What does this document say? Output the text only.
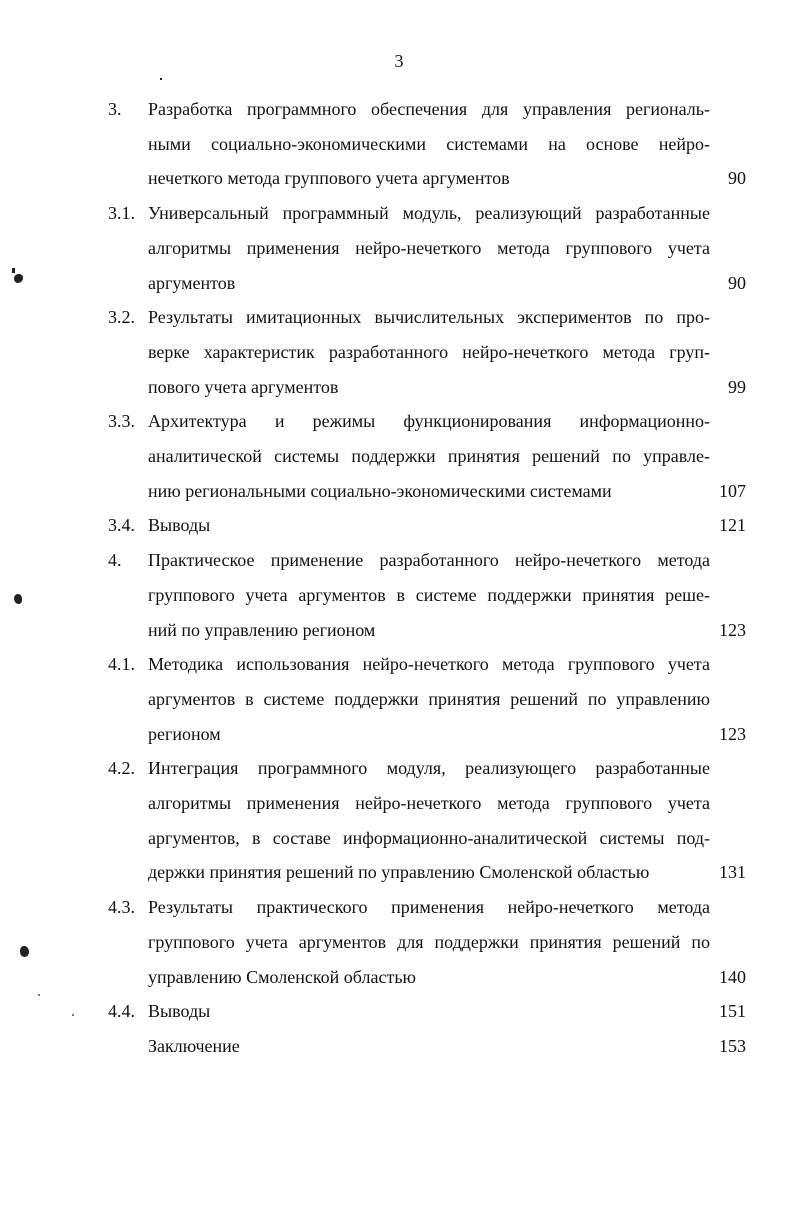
3
3. Разработка программного обеспечения для управления региональ-
ными социально-экономическими системами на основе нейро-
нечеткого метода группового учета аргументов	90
3.1. Универсальный программный модуль, реализующий разработанные
алгоритмы применения нейро-нечеткого метода группового учета
аргументов	90
3.2. Результаты имитационных вычислительных экспериментов по про-
верке характеристик разработанного нейро-нечеткого метода груп-
пового учета аргументов	99
3.3. Архитектура и режимы функционирования информационно-
аналитической системы поддержки принятия решений по управле-
нию региональными социально-экономическими системами	107
3.4. Выводы	121
4. Практическое применение разработанного нейро-нечеткого метода
группового учета аргументов в системе поддержки принятия реше-
ний по управлению регионом	123
4.1. Методика использования нейро-нечеткого метода группового учета
аргументов в системе поддержки принятия решений по управлению
регионом	123
4.2. Интеграция программного модуля, реализующего разработанные
алгоритмы применения нейро-нечеткого метода группового учета
аргументов, в составе информационно-аналитической системы под-
держки принятия решений по управлению Смоленской областью	131
4.3. Результаты практического применения нейро-нечеткого метода
группового учета аргументов для поддержки принятия решений по
управлению Смоленской областью	140
4.4. Выводы	151
Заключение	153
